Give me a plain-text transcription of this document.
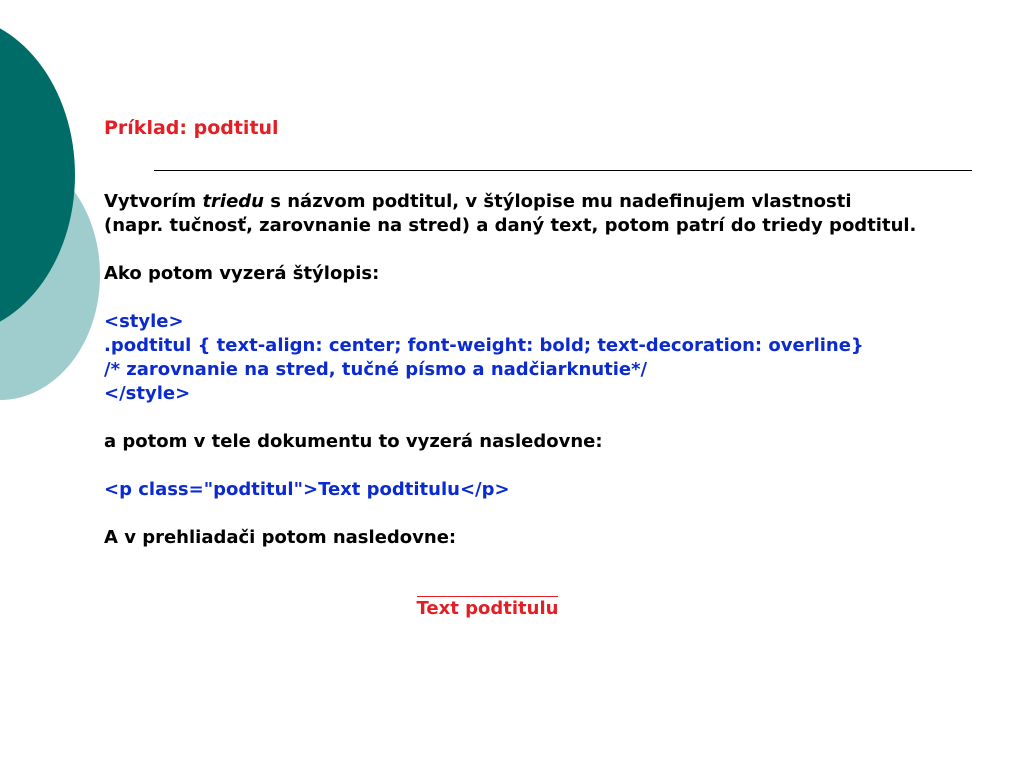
Príklad: podtitul
Vytvorím triedu s názvom podtitul, v štýlopise mu nadefinujem vlastnosti
(napr. tučnosť, zarovnanie na stred) a daný text, potom patrí do triedy podtitul.
Ako potom vyzerá štýlopis:
<style>
.podtitul { text-align: center; font-weight: bold; text-decoration: overline}
/* zarovnanie na stred, tučné písmo a nadčiarknutie*/
</style>
a potom v tele dokumentu to vyzerá nasledovne:
<p class="podtitul">Text podtitulu</p>
A v prehliadači potom nasledovne:
Text podtitulu
